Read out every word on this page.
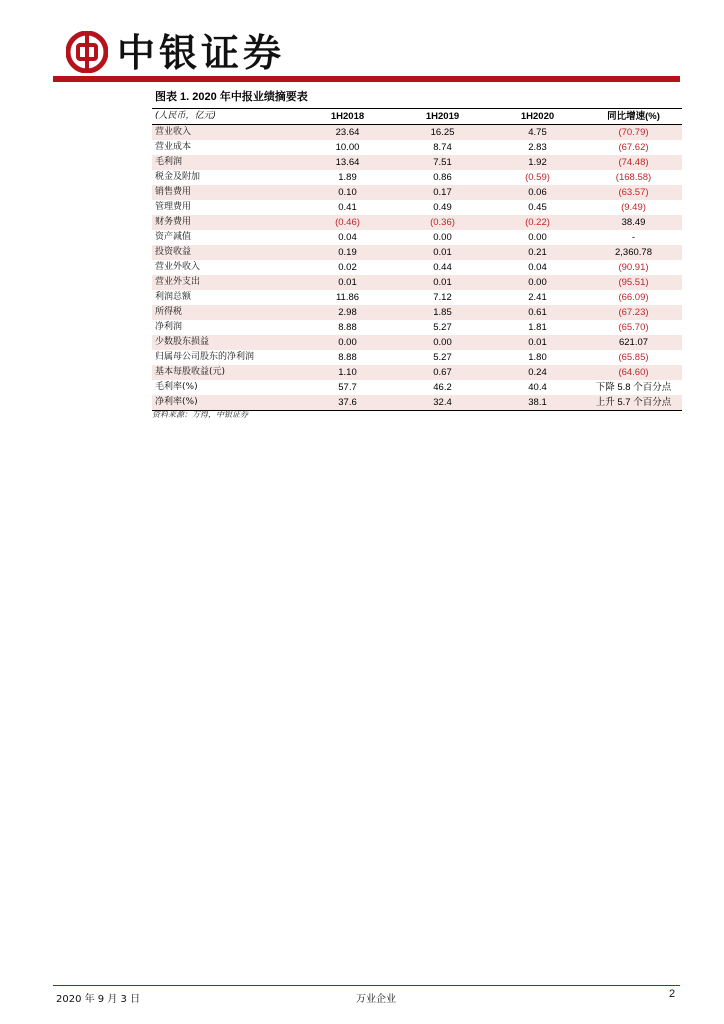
中银证券
图表 1. 2020 年中报业绩摘要表
(人民币，亿元)	1H2018	1H2019	1H2020	同比增速(%)
营业收入	23.64	16.25	4.75	(70.79)
营业成本	10.00	8.74	2.83	(67.62)
毛利润	13.64	7.51	1.92	(74.48)
税金及附加	1.89	0.86	(0.59)	(168.58)
销售费用	0.10	0.17	0.06	(63.57)
管理费用	0.41	0.49	0.45	(9.49)
财务费用	(0.46)	(0.36)	(0.22)	38.49
资产减值	0.04	0.00	0.00	-
投资收益	0.19	0.01	0.21	2,360.78
营业外收入	0.02	0.44	0.04	(90.91)
营业外支出	0.01	0.01	0.00	(95.51)
利润总额	11.86	7.12	2.41	(66.09)
所得税	2.98	1.85	0.61	(67.23)
净利润	8.88	5.27	1.81	(65.70)
少数股东损益	0.00	0.00	0.01	621.07
归属母公司股东的净利润	8.88	5.27	1.80	(65.85)
基本每股收益(元)	1.10	0.67	0.24	(64.60)
毛利率(%)	57.7	46.2	40.4	下降 5.8 个百分点
净利率(%)	37.6	32.4	38.1	上升 5.7 个百分点
资料来源：万得，中银证券
2020 年 9 月 3 日	万业企业	2
